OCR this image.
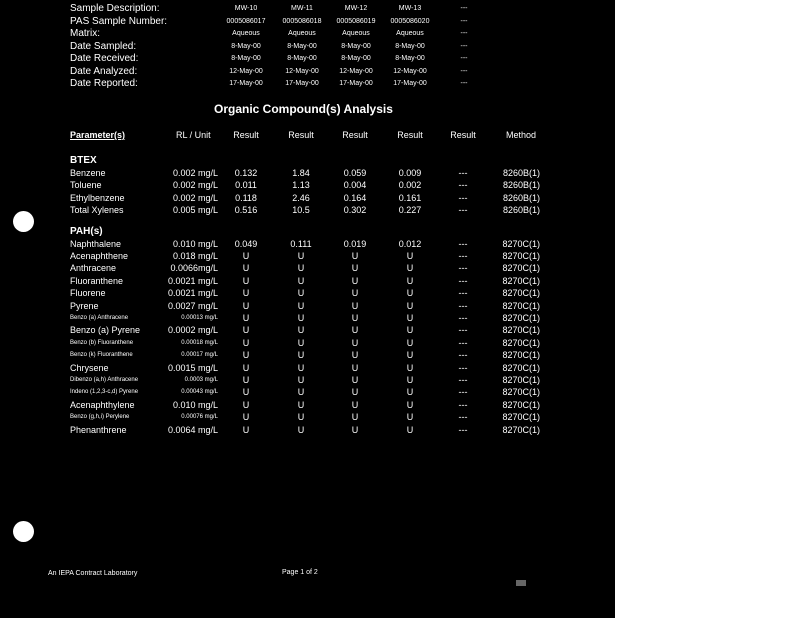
Sample Description:	MW-10	MW-11	MW-12	MW-13	---
PAS Sample Number:	0005086017	0005086018	0005086019	0005086020	---
Matrix:	Aqueous	Aqueous	Aqueous	Aqueous	---
Date Sampled:	8-May-00	8-May-00	8-May-00	8-May-00	---
Date Received:	8-May-00	8-May-00	8-May-00	8-May-00	---
Date Analyzed:	12-May-00	12-May-00	12-May-00	12-May-00	---
Date Reported:	17-May-00	17-May-00	17-May-00	17-May-00	---
Organic Compound(s) Analysis
Parameter(s)	RL / Unit	Result	Result	Result	Result	Result	Method
BTEX
Benzene	0.002 mg/L	0.132	1.84	0.059	0.009	---	8260B(1)
Toluene	0.002 mg/L	0.011	1.13	0.004	0.002	---	8260B(1)
Ethylbenzene	0.002 mg/L	0.118	2.46	0.164	0.161	---	8260B(1)
Total Xylenes	0.005 mg/L	0.516	10.5	0.302	0.227	---	8260B(1)
PAH(s)
Naphthalene	0.010 mg/L	0.049	0.111	0.019	0.012	---	8270C(1)
Acenaphthene	0.018 mg/L	U	U	U	U	---	8270C(1)
Anthracene	0.0066mg/L	U	U	U	U	---	8270C(1)
Fluoranthene	0.0021 mg/L	U	U	U	U	---	8270C(1)
Fluorene	0.0021 mg/L	U	U	U	U	---	8270C(1)
Pyrene	0.0027 mg/L	U	U	U	U	---	8270C(1)
Benzo (a) Anthracene	0.00013 mg/L	U	U	U	U	---	8270C(1)
Benzo (a) Pyrene	0.0002 mg/L	U	U	U	U	---	8270C(1)
Benzo (b) Fluoranthene	0.00018 mg/L	U	U	U	U	---	8270C(1)
Benzo (k) Fluoranthene	0.00017 mg/L	U	U	U	U	---	8270C(1)
Chrysene	0.0015 mg/L	U	U	U	U	---	8270C(1)
Dibenzo (a,h) Anthracene	0.0003 mg/L	U	U	U	U	---	8270C(1)
Indeno (1,2,3-c,d) Pyrene	0.00043 mg/L	U	U	U	U	---	8270C(1)
Acenaphthylene	0.010 mg/L	U	U	U	U	---	8270C(1)
Benzo (g,h,i) Perylene	0.00076 mg/L	U	U	U	U	---	8270C(1)
Phenanthrene	0.0064 mg/L	U	U	U	U	---	8270C(1)
An IEPA Contract Laboratory	Page 1 of 2
